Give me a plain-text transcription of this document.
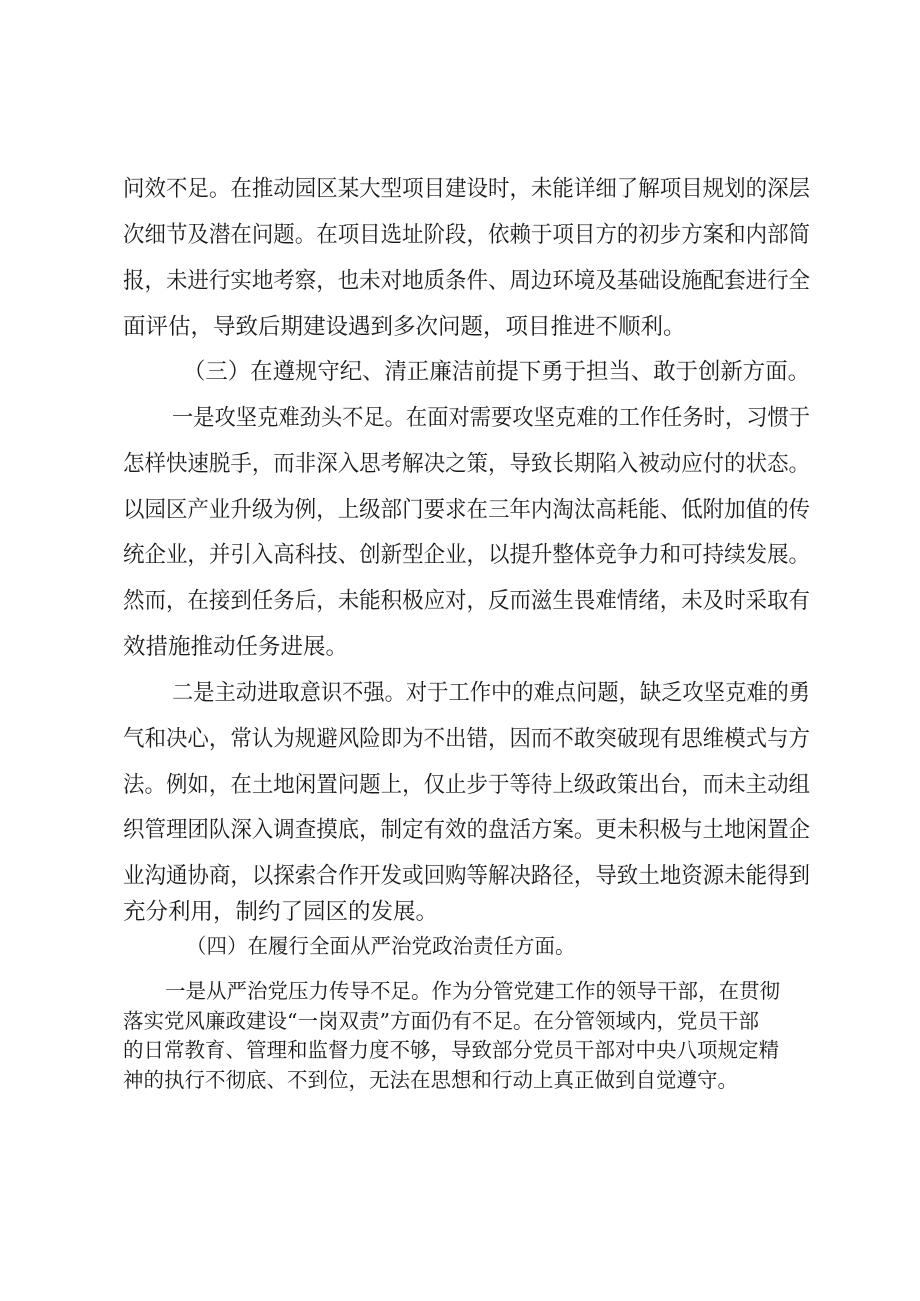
问效不足。在推动园区某大型项目建设时，未能详细了解项目规划的深层

次细节及潜在问题。在项目选址阶段，依赖于项目方的初步方案和内部简

报，未进行实地考察，也未对地质条件、周边环境及基础设施配套进行全

面评估，导致后期建设遇到多次问题，项目推进不顺利。

（三）在遵规守纪、清正廉洁前提下勇于担当、敢于创新方面。

一是攻坚克难劲头不足。在面对需要攻坚克难的工作任务时，习惯于

怎样快速脱手，而非深入思考解决之策，导致长期陷入被动应付的状态。

以园区产业升级为例，上级部门要求在三年内淘汰高耗能、低附加值的传

统企业，并引入高科技、创新型企业，以提升整体竞争力和可持续发展。

然而，在接到任务后，未能积极应对，反而滋生畏难情绪，未及时采取有

效措施推动任务进展。

二是主动进取意识不强。对于工作中的难点问题，缺乏攻坚克难的勇

气和决心，常认为规避风险即为不出错，因而不敢突破现有思维模式与方

法。例如，在土地闲置问题上，仅止步于等待上级政策出台，而未主动组

织管理团队深入调查摸底，制定有效的盘活方案。更未积极与土地闲置企

业沟通协商，以探索合作开发或回购等解决路径，导致土地资源未能得到

充分利用，制约了园区的发展。

（四）在履行全面从严治党政治责任方面。

一是从严治党压力传导不足。作为分管党建工作的领导干部，在贯彻

落实党风廉政建设“一岗双责”方面仍有不足。在分管领域内，党员干部

的日常教育、管理和监督力度不够，导致部分党员干部对中央八项规定精

神的执行不彻底、不到位，无法在思想和行动上真正做到自觉遵守。
